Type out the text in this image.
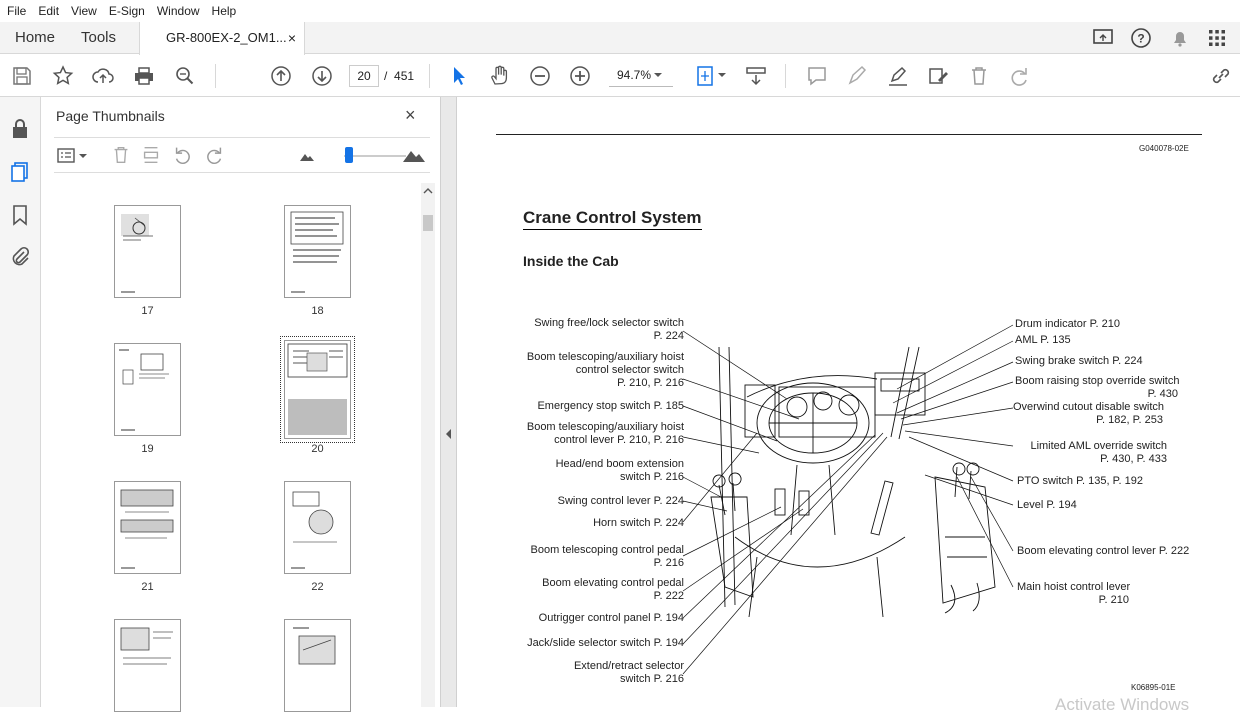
File	Edit	View	E-Sign	Window	Help
Home Tools	GR-800EX-2_OM1... ×	?
20	/ 451	94.7%
Page Thumbnails	×
17	18
19	20
21	22
G040078-02E
Crane Control System
Inside the Cab
Swing free/lock selector switch
P. 224
Boom telescoping/auxiliary hoist
control selector switch
P. 210, P. 216
Emergency stop switch P. 185
Boom telescoping/auxiliary hoist
control lever P. 210, P. 216
Head/end boom extension
switch P. 216
Swing control lever P. 224
Horn switch P. 224
Boom telescoping control pedal
P. 216
Boom elevating control pedal
P. 222
Outrigger control panel P. 194
Jack/slide selector switch P. 194
Extend/retract selector
switch P. 216
Drum indicator P. 210
AML P. 135
Swing brake switch P. 224
Boom raising stop override switch
P. 430
Overwind cutout disable switch
P. 182, P. 253
Limited AML override switch
P. 430, P. 433
PTO switch P. 135, P. 192
Level P. 194
Boom elevating control lever P. 222
Main hoist control lever
P. 210
K06895-01E
Activate Windows
